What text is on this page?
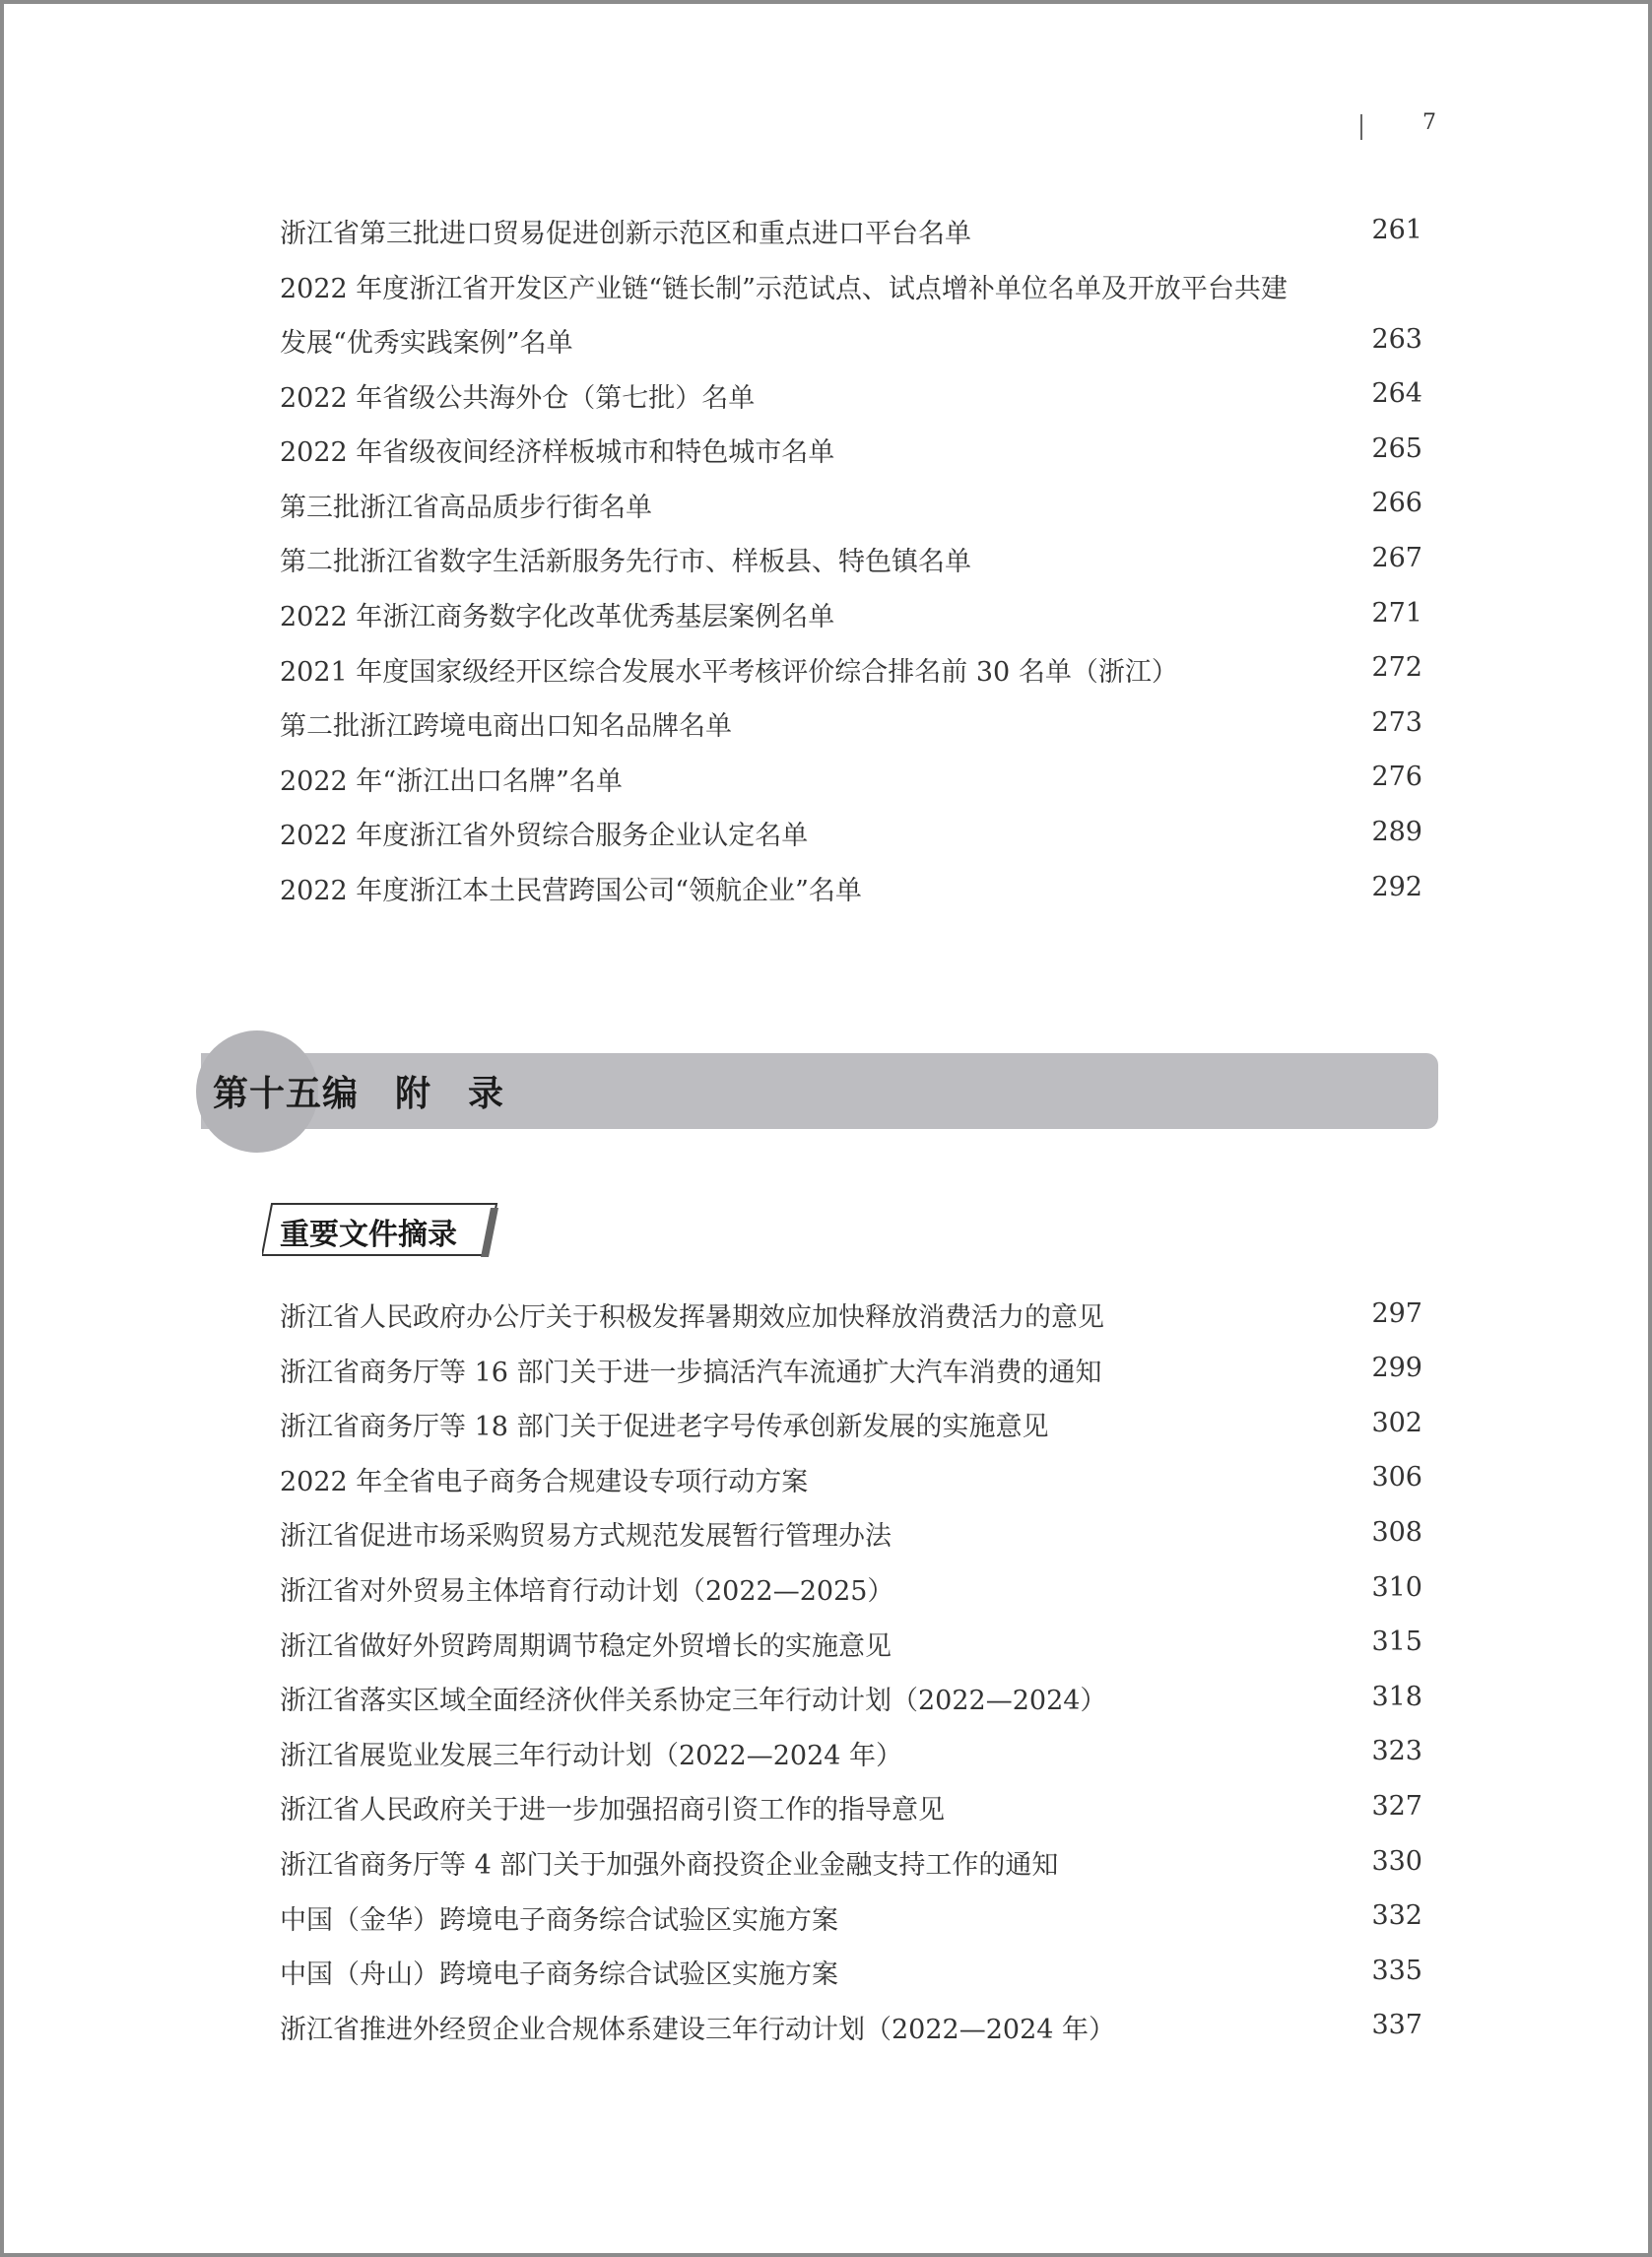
7
浙江省第三批进口贸易促进创新示范区和重点进口平台名单	261
2022 年度浙江省开发区产业链“链长制”示范试点、试点增补单位名单及开放平台共建发展“优秀实践案例”名单	263
2022 年省级公共海外仓（第七批）名单	264
2022 年省级夜间经济样板城市和特色城市名单	265
第三批浙江省高品质步行街名单	266
第二批浙江省数字生活新服务先行市、样板县、特色镇名单	267
2022 年浙江商务数字化改革优秀基层案例名单	271
2021 年度国家级经开区综合发展水平考核评价综合排名前 30 名单（浙江）	272
第二批浙江跨境电商出口知名品牌名单	273
2022 年“浙江出口名牌”名单	276
2022 年度浙江省外贸综合服务企业认定名单	289
2022 年度浙江本土民营跨国公司“领航企业”名单	292
第十五编　附　录
重要文件摘录
浙江省人民政府办公厅关于积极发挥暑期效应加快释放消费活力的意见	297
浙江省商务厅等 16 部门关于进一步搞活汽车流通扩大汽车消费的通知	299
浙江省商务厅等 18 部门关于促进老字号传承创新发展的实施意见	302
2022 年全省电子商务合规建设专项行动方案	306
浙江省促进市场采购贸易方式规范发展暂行管理办法	308
浙江省对外贸易主体培育行动计划（2022—2025）	310
浙江省做好外贸跨周期调节稳定外贸增长的实施意见	315
浙江省落实区域全面经济伙伴关系协定三年行动计划（2022—2024）	318
浙江省展览业发展三年行动计划（2022—2024 年）	323
浙江省人民政府关于进一步加强招商引资工作的指导意见	327
浙江省商务厅等 4 部门关于加强外商投资企业金融支持工作的通知	330
中国（金华）跨境电子商务综合试验区实施方案	332
中国（舟山）跨境电子商务综合试验区实施方案	335
浙江省推进外经贸企业合规体系建设三年行动计划（2022—2024 年）	337
